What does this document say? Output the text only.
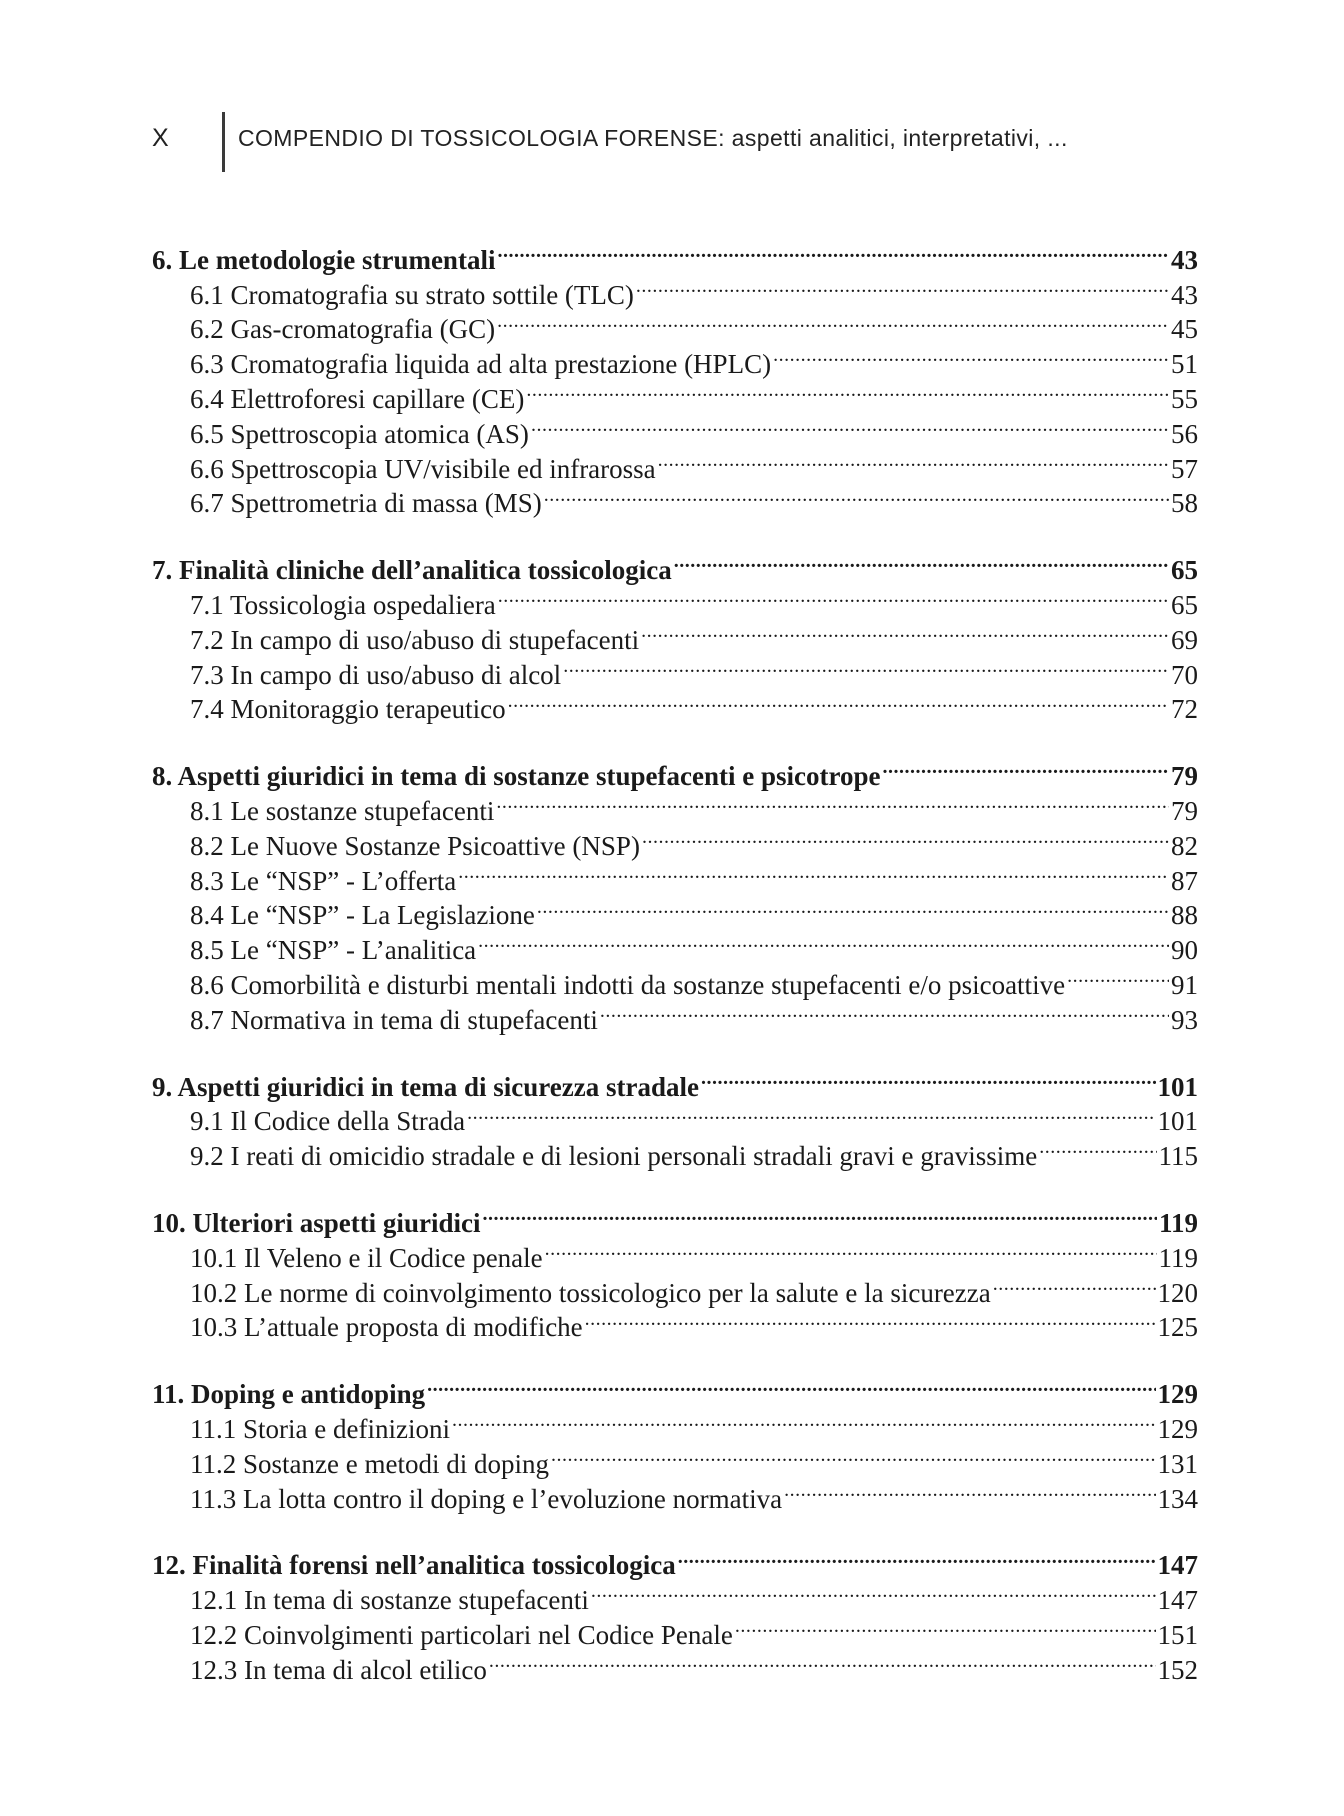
X	COMPENDIO DI TOSSICOLOGIA FORENSE: aspetti analitici, interpretativi, ...
6. Le metodologie strumentali .....	43
6.1 Cromatografia su strato sottile (TLC) .....	43
6.2 Gas-cromatografia (GC) .....	45
6.3 Cromatografia liquida ad alta prestazione (HPLC) .....	51
6.4 Elettroforesi capillare (CE) .....	55
6.5 Spettroscopia atomica (AS) .....	56
6.6 Spettroscopia UV/visibile ed infrarossa .....	57
6.7 Spettrometria di massa (MS) .....	58
7. Finalità cliniche dell’analitica tossicologica .....	65
7.1 Tossicologia ospedaliera .....	65
7.2 In campo di uso/abuso di stupefacenti .....	69
7.3 In campo di uso/abuso di alcol .....	70
7.4 Monitoraggio terapeutico .....	72
8. Aspetti giuridici in tema di sostanze stupefacenti e psicotrope .....	79
8.1 Le sostanze stupefacenti .....	79
8.2 Le Nuove Sostanze Psicoattive (NSP) .....	82
8.3 Le “NSP” - L’offerta .....	87
8.4 Le “NSP” - La Legislazione .....	88
8.5 Le “NSP” - L’analitica .....	90
8.6 Comorbilità e disturbi mentali indotti da sostanze stupefacenti e/o psicoattive .....	91
8.7 Normativa in tema di stupefacenti .....	93
9. Aspetti giuridici in tema di sicurezza stradale .....	101
9.1 Il Codice della Strada .....	101
9.2 I reati di omicidio stradale e di lesioni personali stradali gravi e gravissime .....	115
10. Ulteriori aspetti giuridici .....	119
10.1 Il Veleno e il Codice penale .....	119
10.2 Le norme di coinvolgimento tossicologico per la salute e la sicurezza .....	120
10.3 L’attuale proposta di modifiche .....	125
11. Doping e antidoping .....	129
11.1 Storia e definizioni .....	129
11.2 Sostanze e metodi di doping .....	131
11.3 La lotta contro il doping e l’evoluzione normativa .....	134
12. Finalità forensi nell’analitica tossicologica .....	147
12.1 In tema di sostanze stupefacenti .....	147
12.2 Coinvolgimenti particolari nel Codice Penale .....	151
12.3 In tema di alcol etilico .....	152
